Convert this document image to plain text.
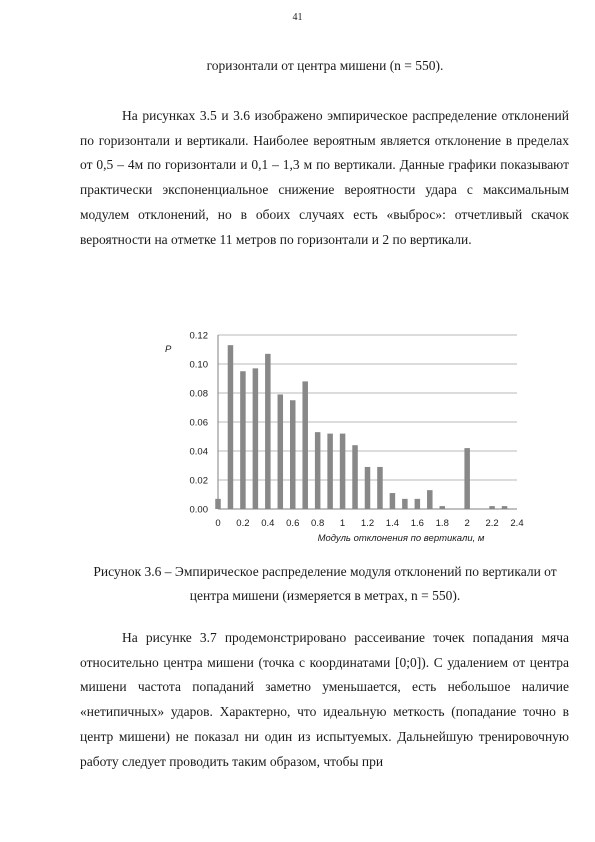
41
горизонтали от центра мишени (n = 550).

На рисунках 3.5 и 3.6 изображено эмпирическое распределение отклонений по горизонтали и вертикали. Наиболее вероятным является отклонение в пределах от 0,5 – 4м по горизонтали и 0,1 – 1,3 м по вертикали. Данные графики показывают практически экспоненциальное снижение вероятности удара с максимальным модулем отклонений, но в обоих случаях есть «выброс»: отчетливый скачок вероятности на отметке 11 метров по горизонтали и 2 по вертикали.

0.00
0.02
0.04
0.06
0.08
0.10
0.12
0 0.2 0.4 0.6 0.8 1 1.2 1.4 1.6 1.8 2 2.2 2.4
P
Модуль отклонения по вертикали, м

Рисунок 3.6 – Эмпирическое распределение модуля отклонений по вертикали от центра мишени (измеряется в метрах, n = 550).

На рисунке 3.7 продемонстрировано рассеивание точек попадания мяча относительно центра мишени (точка с координатами [0;0]). С удалением от центра мишени частота попаданий заметно уменьшается, есть небольшое наличие «нетипичных» ударов. Характерно, что идеальную меткость (попадание точно в центр мишени) не показал ни один из испытуемых. Дальнейшую тренировочную работу следует проводить таким образом, чтобы при
